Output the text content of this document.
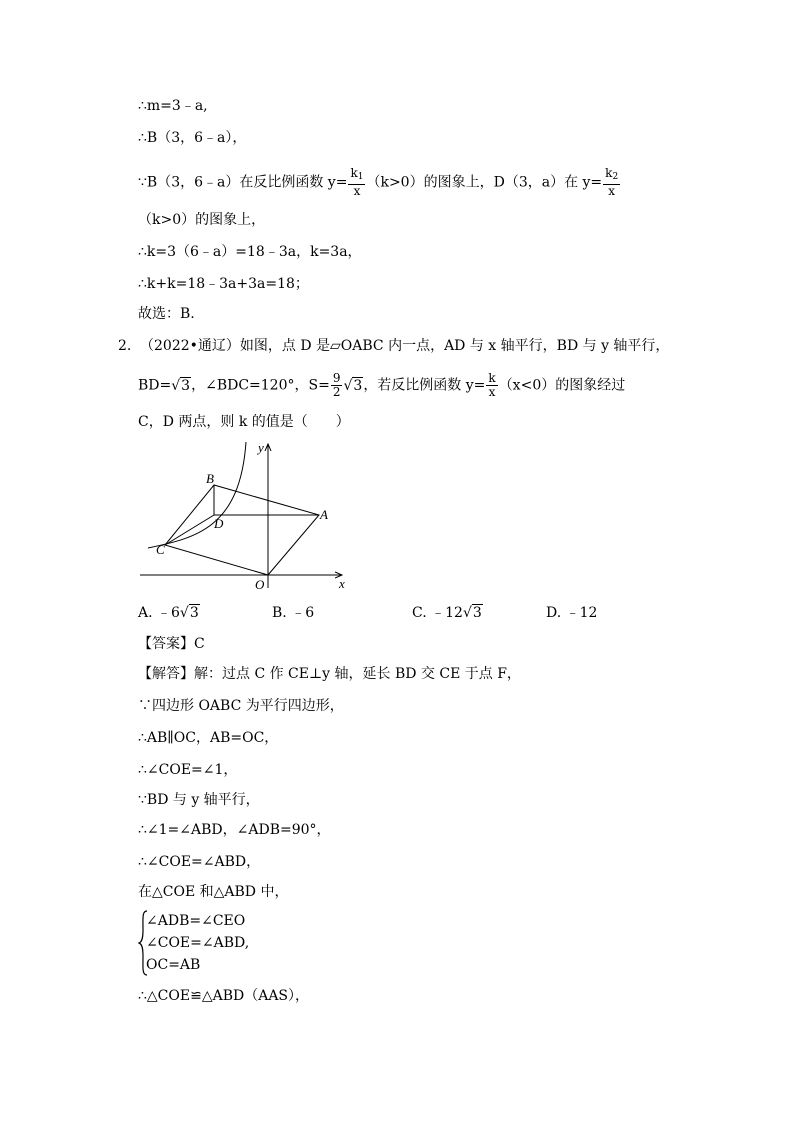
∴m=3﹣a,
∴B（3，6﹣a），
∵B（3，6﹣a）在反比例函数 $y= \frac{k_1}{x} (k>0)$的图象上，D（3，a）在 $y= \frac{k_2}{x}$
（k>0）的图象上，
∴k=3（6﹣a）=18﹣3a，k=3a，
∴k+k=18﹣3a+3a=18；
故选：B.
2. （2022•通辽）如图，点 D 是▱OABC 内一点，AD 与 x 轴平行，BD 与 y 轴平行，
BD=√3，∠BDC=120°，$S= \frac{9}{2} √3$，若反比例函数 $y= \frac{k}{x} (x<0)$的图象经过
C，D 两点，则 k 的值是（　　）
y
x
B
D
A
C
O
A. ﹣6√3	B. ﹣6	C. ﹣12√3	D. ﹣12
【答案】C
【解答】解：过点 C 作 CE⊥y 轴，延长 BD 交 CE 于点 F，
∵四边形 OABC 为平行四边形，
∴AB∥OC，AB=OC，
∴∠COE=∠1，
∵BD 与 y 轴平行，
∴∠1=∠ABD，∠ADB=90°，
∴∠COE=∠ABD，
在△COE 和△ABD 中，
∠ADB=∠CEO
∠COE=∠ABD,
OC=AB
∴△COE≌△ABD（AAS），
